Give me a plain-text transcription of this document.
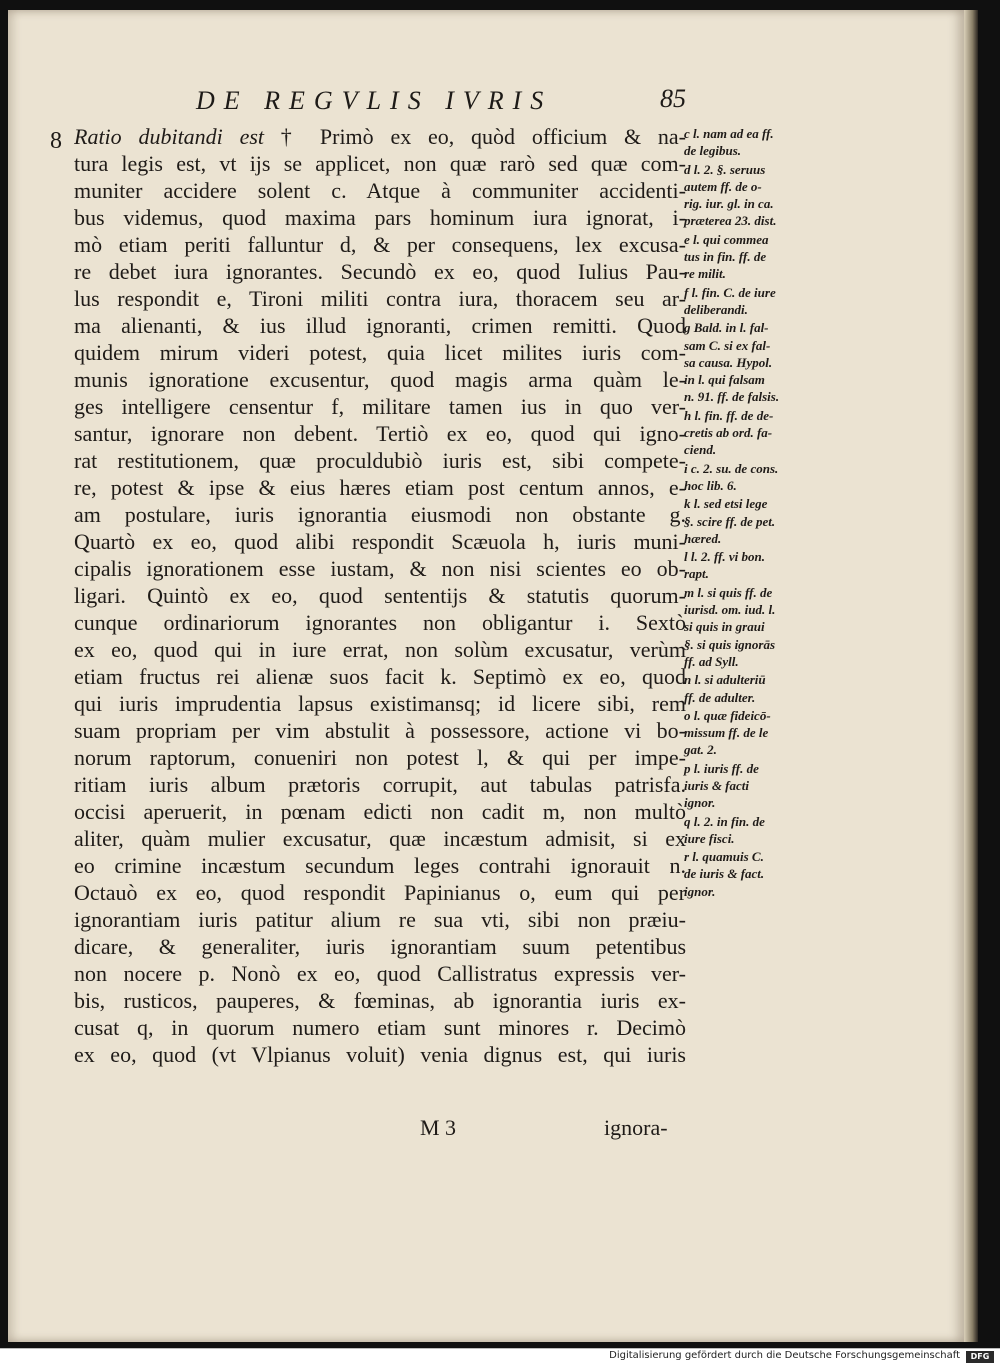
DE REGVLIS IVRIS	85
8 Ratio dubitandi est † Primò ex eo, quòd officium & na-
tura legis est, vt ijs se applicet, non quæ rarò sed quæ com-
muniter accidere solent c. Atque à communiter accidenti-
bus videmus, quod maxima pars hominum iura ignorat, i-
mò etiam periti falluntur d, & per consequens, lex excusa-
re debet iura ignorantes. Secundò ex eo, quod Iulius Pau-
lus respondit e, Tironi militi contra iura, thoracem seu ar-
ma alienanti, & ius illud ignoranti, crimen remitti. Quod
quidem mirum videri potest, quia licet milites iuris com-
munis ignoratione excusentur, quod magis arma quàm le-
ges intelligere censentur f, militare tamen ius in quo ver-
santur, ignorare non debent. Tertiò ex eo, quod qui igno-
rat restitutionem, quæ proculdubiò iuris est, sibi compete-
re, potest & ipse & eius hæres etiam post centum annos, e-
am postulare, iuris ignorantia eiusmodi non obstante g.
Quartò ex eo, quod alibi respondit Scæuola h, iuris muni-
cipalis ignorationem esse iustam, & non nisi scientes eo ob-
ligari. Quintò ex eo, quod sententijs & statutis quorum-
cunque ordinariorum ignorantes non obligantur i. Sextò
ex eo, quod qui in iure errat, non solùm excusatur, verùm
etiam fructus rei alienæ suos facit k. Septimò ex eo, quod
qui iuris imprudentia lapsus existimansq; id licere sibi, rem
suam propriam per vim abstulit à possessore, actione vi bo-
norum raptorum, conueniri non potest l, & qui per impe-
ritiam iuris album prætoris corrupit, aut tabulas patrisfa.
occisi aperuerit, in pœnam edicti non cadit m, non multò
aliter, quàm mulier excusatur, quæ incæstum admisit, si ex
eo crimine incæstum secundum leges contrahi ignorauit n.
Octauò ex eo, quod respondit Papinianus o, eum qui per
ignorantiam iuris patitur alium re sua vti, sibi non præiu-
dicare, & generaliter, iuris ignorantiam suum petentibus
non nocere p. Nonò ex eo, quod Callistratus expressis ver-
bis, rusticos, pauperes, & fœminas, ab ignorantia iuris ex-
cusat q, in quorum numero etiam sunt minores r. Decimò
ex eo, quod (vt Vlpianus voluit) venia dignus est, qui iuris
c l. nam ad ea ff.
de legibus.
d l. 2. §. seruus
autem ff. de o-
rig. iur. gl. in ca.
præterea 23. dist.
e l. qui commea
tus in fin. ff. de
re milit.
f l. fin. C. de iure
deliberandi.
g Bald. in l. fal-
sam C. si ex fal-
sa causa. Hypol.
in l. qui falsam
n. 91. ff. de falsis.
h l. fin. ff. de de-
cretis ab ord. fa-
ciend.
i c. 2. su. de cons.
hoc lib. 6.
k l. sed etsi lege
§. scire ff. de pet.
hæred.
l l. 2. ff. vi bon.
rapt.
m l. si quis ff. de
iurisd. om. iud. l.
si quis in graui
§. si quis ignorās
ff. ad Syll.
n l. si adulteriū
ff. de adulter.
o l. quæ fideicō-
missum ff. de le
gat. 2.
p l. iuris ff. de
iuris & facti
ignor.
q l. 2. in fin. de
iure fisci.
r l. quamuis C.
de iuris & fact.
ignor.
M 3	ignora-
Digitalisierung gefördert durch die Deutsche Forschungsgemeinschaft	DFG
